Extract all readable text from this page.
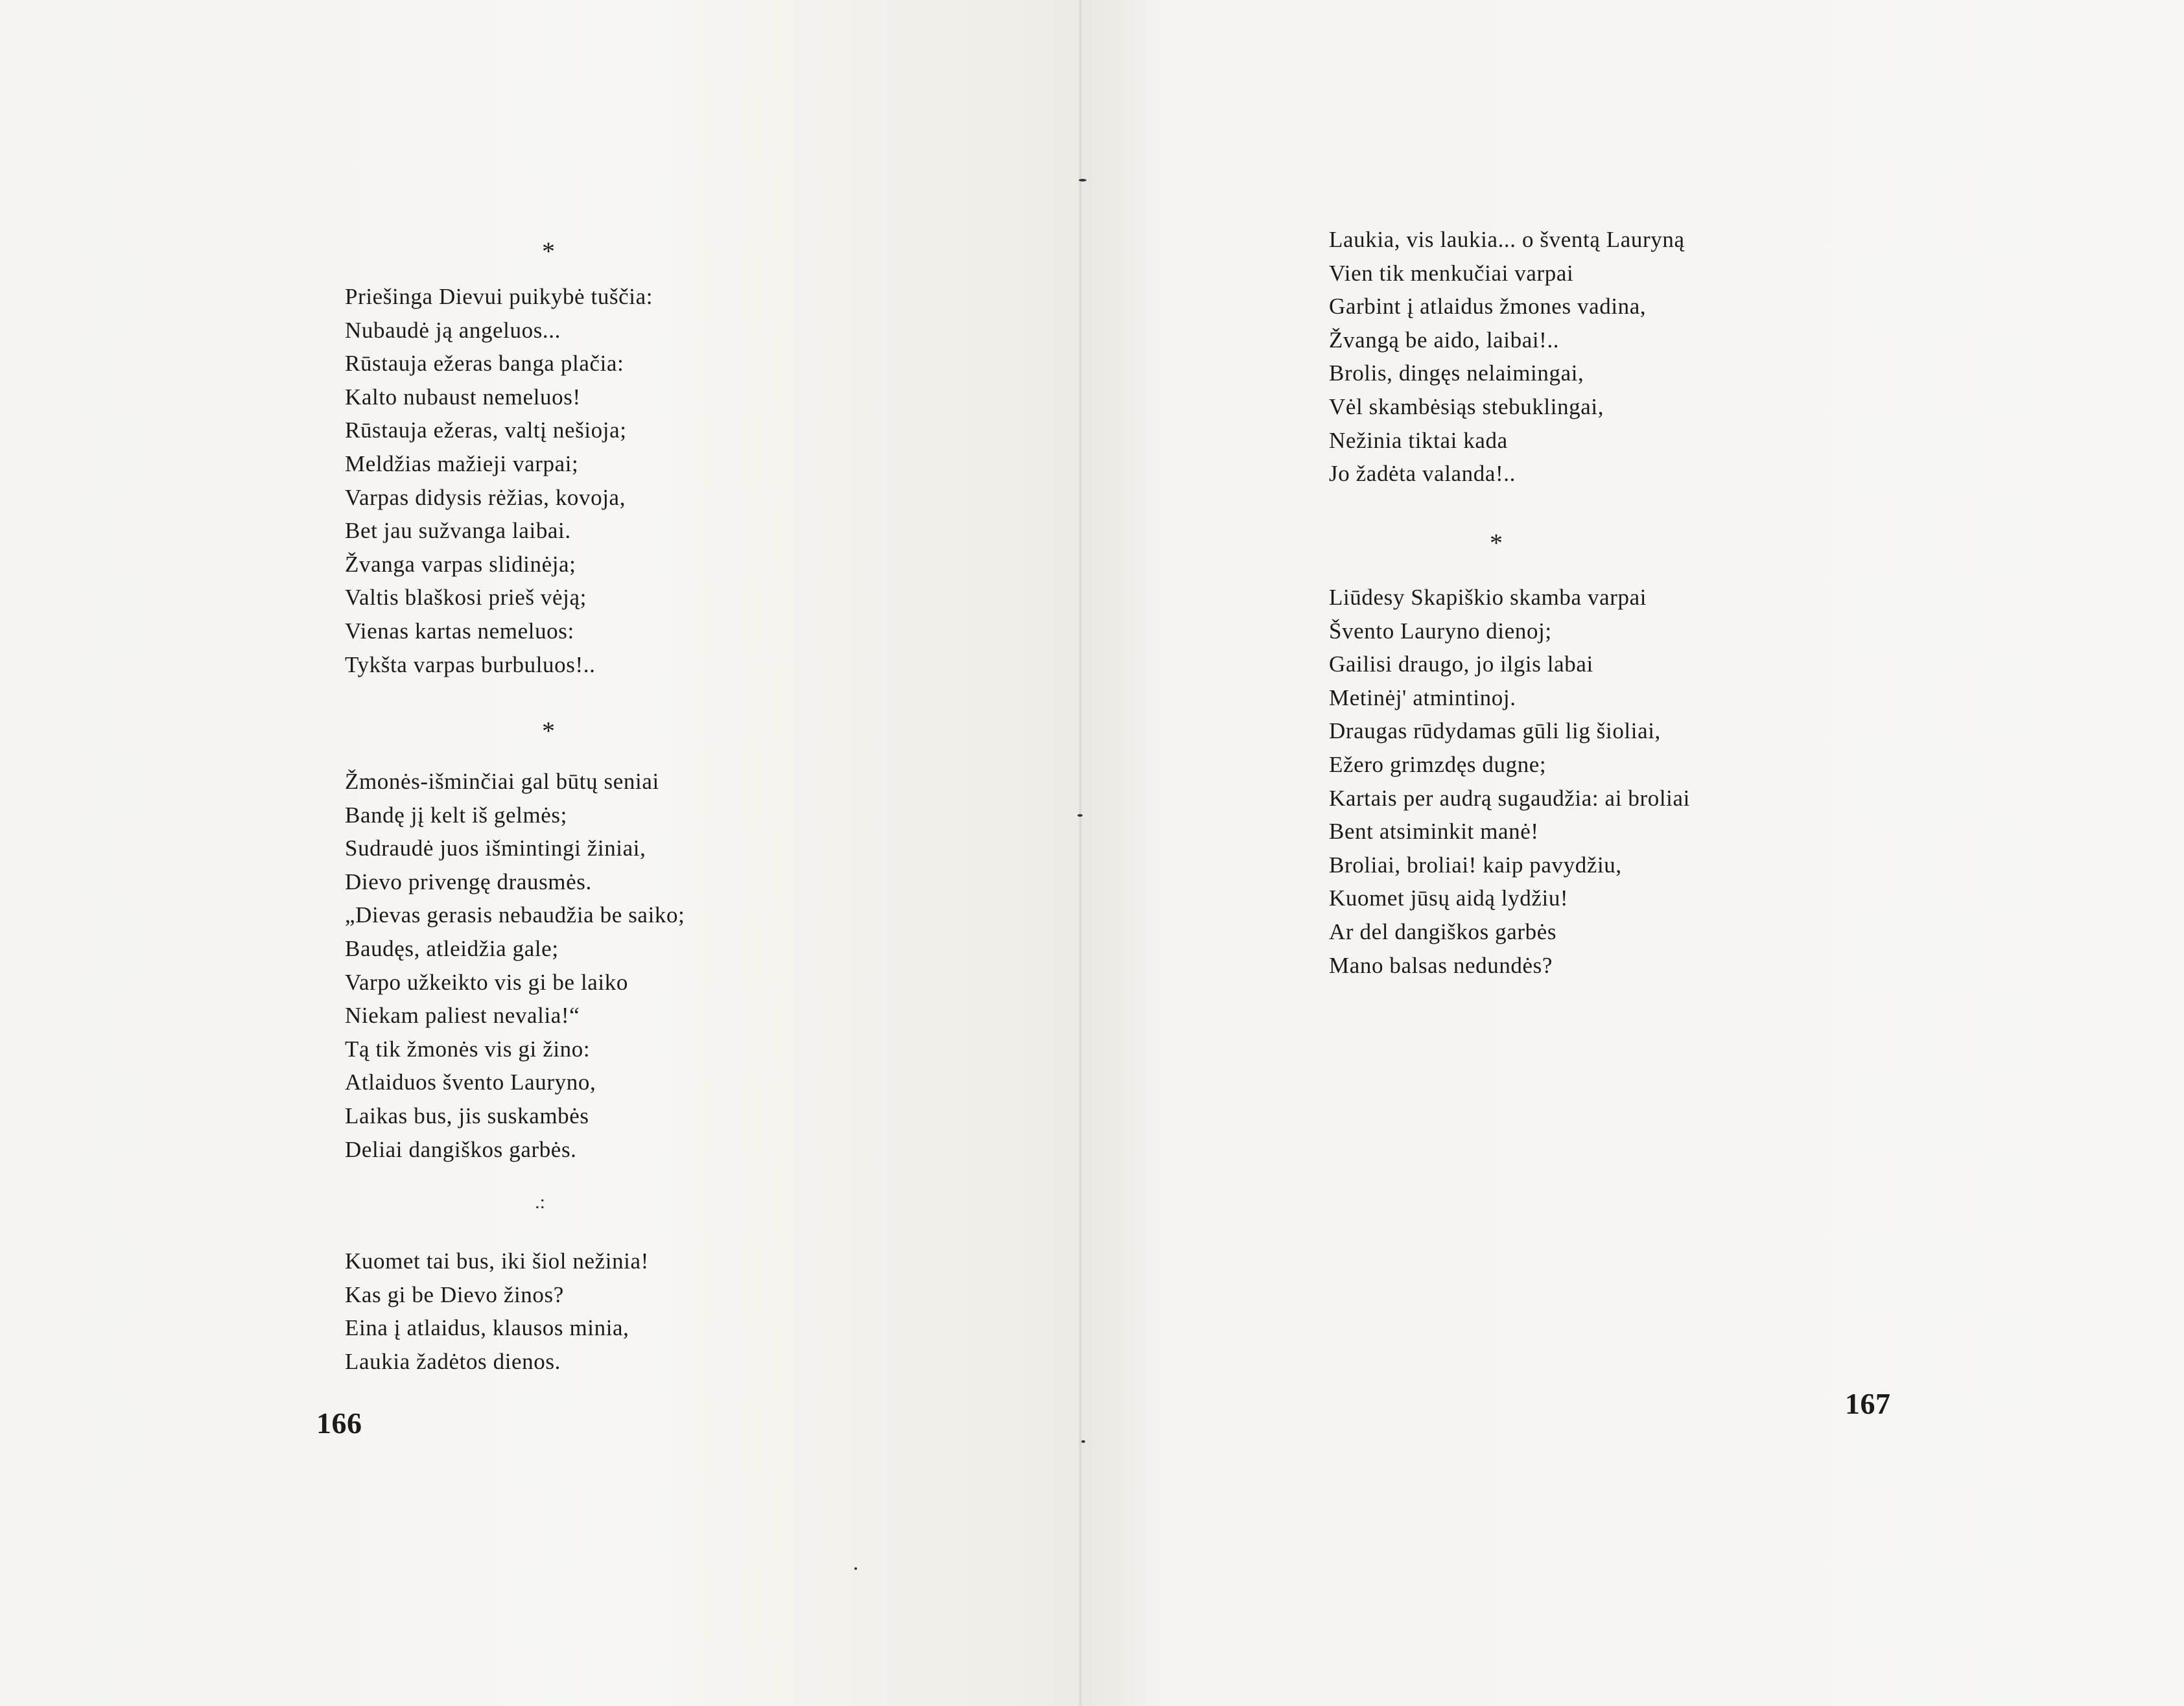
*
Priešinga Dievui puikybė tuščia:
Nubaudė ją angeluos...
Rūstauja ežeras banga plačia:
Kalto nubaust nemeluos!
Rūstauja ežeras, valtį nešioja;
Meldžias mažieji varpai;
Varpas didysis rėžias, kovoja,
Bet jau sužvanga laibai.
Žvanga varpas slidinėja;
Valtis blaškosi prieš vėją;
Vienas kartas nemeluos:
Tykšta varpas burbuluos!..
*
Žmonės-išminčiai gal būtų seniai
Bandę jį kelt iš gelmės;
Sudraudė juos išmintingi žiniai,
Dievo privengę drausmės.
„Dievas gerasis nebaudžia be saiko;
Baudęs, atleidžia gale;
Varpo užkeikto vis gi be laiko
Niekam paliest nevalia!“
Tą tik žmonės vis gi žino:
Atlaiduos švento Lauryno,
Laikas bus, jis suskambės
Deliai dangiškos garbės.
.:
Kuomet tai bus, iki šiol nežinia!
Kas gi be Dievo žinos?
Eina į atlaidus, klausos minia,
Laukia žadėtos dienos.
166
Laukia, vis laukia... o šventą Lauryną
Vien tik menkučiai varpai
Garbint į atlaidus žmones vadina,
Žvangą be aido, laibai!..
Brolis, dingęs nelaimingai,
Vėl skambėsiąs stebuklingai,
Nežinia tiktai kada
Jo žadėta valanda!..
*
Liūdesy Skapiškio skamba varpai
Švento Lauryno dienoj;
Gailisi draugo, jo ilgis labai
Metinėj' atmintinoj.
Draugas rūdydamas gūli lig šioliai,
Ežero grimzdęs dugne;
Kartais per audrą sugaudžia: ai broliai
Bent atsiminkit manė!
Broliai, broliai! kaip pavydžiu,
Kuomet jūsų aidą lydžiu!
Ar del dangiškos garbės
Mano balsas nedundės?
167
